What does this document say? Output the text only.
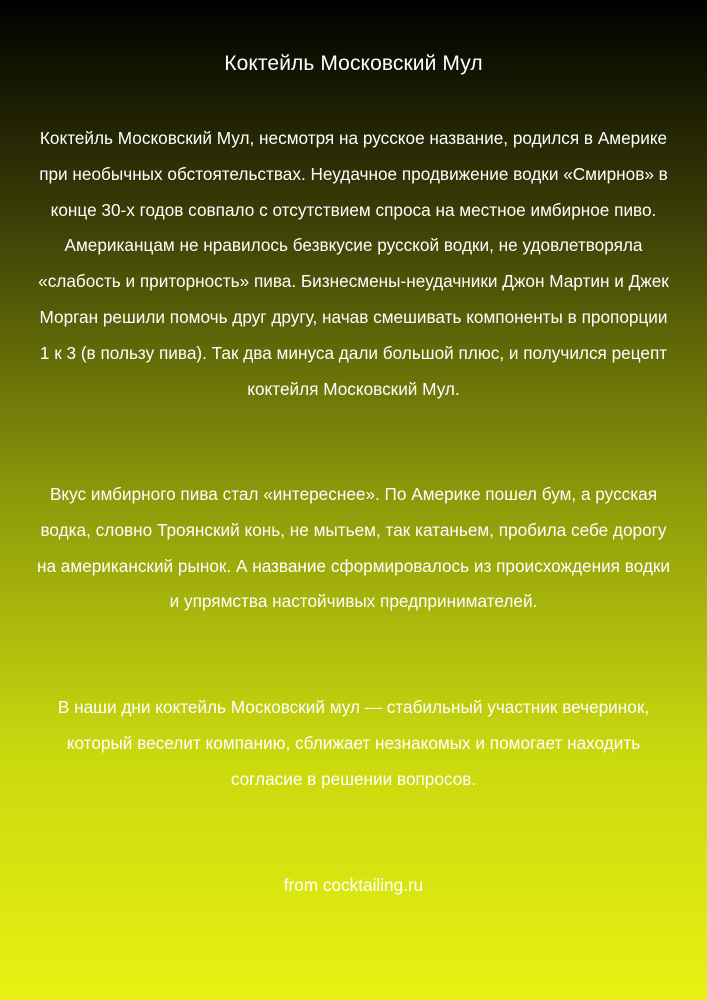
Коктейль Московский Мул

Коктейль Московский Мул, несмотря на русское название, родился в Америке при необычных обстоятельствах. Неудачное продвижение водки «Смирнов» в конце 30-х годов совпало с отсутствием спроса на местное имбирное пиво. Американцам не нравилось безвкусие русской водки, не удовлетворяла «слабость и приторность» пива. Бизнесмены-неудачники Джон Мартин и Джек Морган решили помочь друг другу, начав смешивать компоненты в пропорции 1 к 3 (в пользу пива). Так два минуса дали большой плюс, и получился рецепт коктейля Московский Мул.

Вкус имбирного пива стал «интереснее». По Америке пошел бум, а русская водка, словно Троянский конь, не мытьем, так катаньем, пробила себе дорогу на американский рынок. А название сформировалось из происхождения водки и упрямства настойчивых предпринимателей.

В наши дни коктейль Московский мул — стабильный участник вечеринок, который веселит компанию, сближает незнакомых и помогает находить согласие в решении вопросов.

from cocktailing.ru
